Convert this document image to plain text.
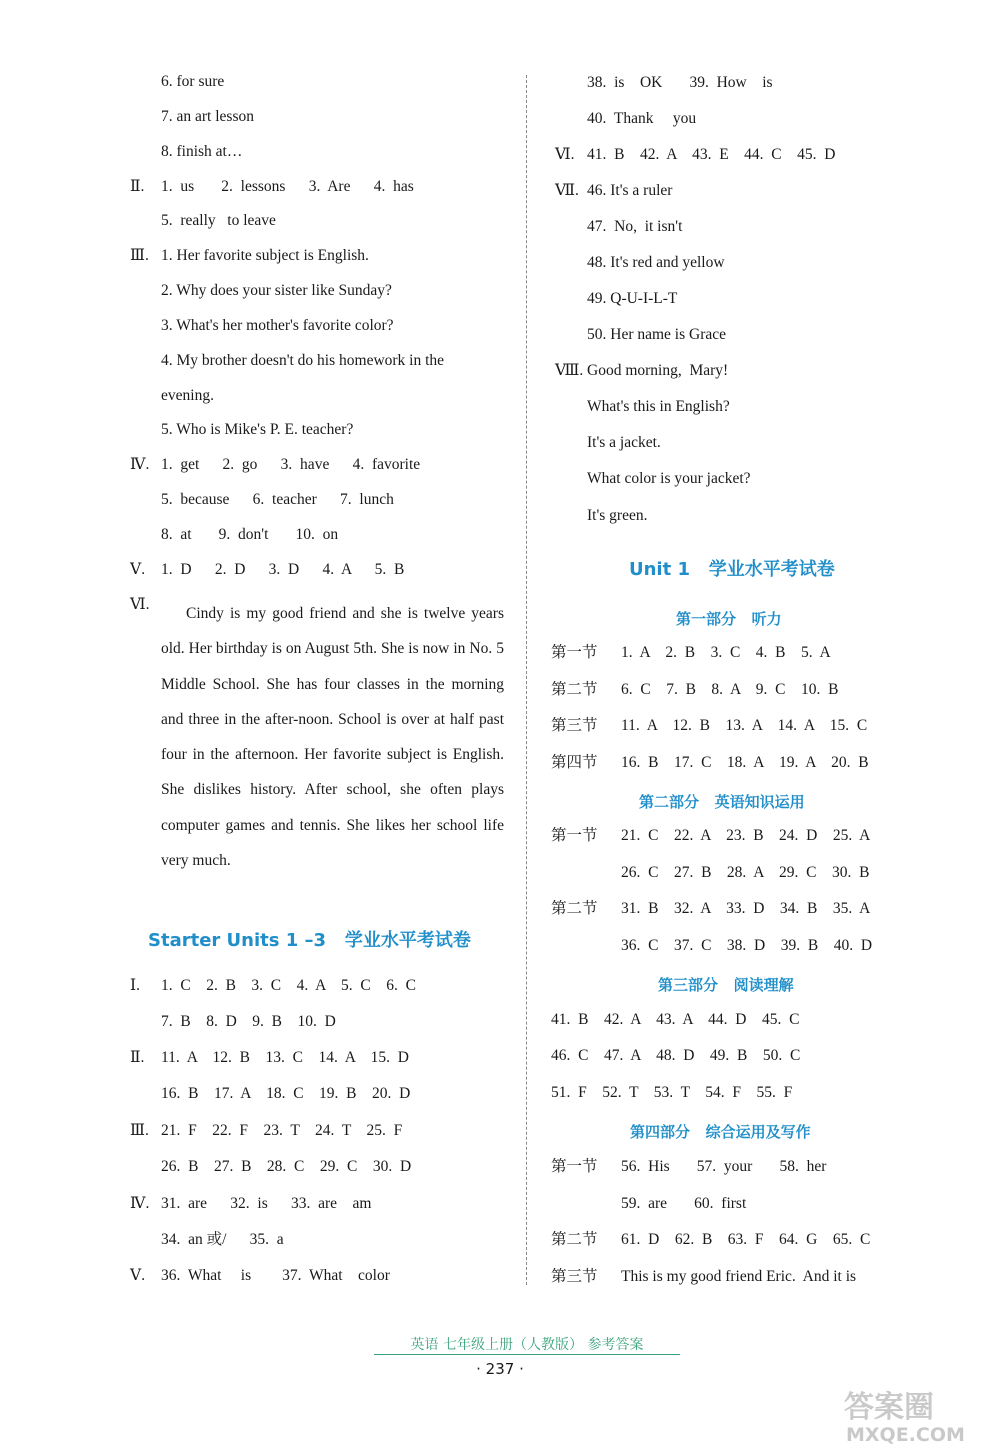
6. for sure
7. an art lesson
8. finish at…
Ⅱ. 1.  us       2.  lessons      3.  Are      4.  has
5.  really   to leave
Ⅲ. 1. Her favorite subject is English.
2. Why does your sister like Sunday?
3. What's her mother's favorite color?
4. My brother doesn't do his homework in the
evening.
5. Who is Mike's P. E. teacher?
Ⅳ. 1.  get      2.  go      3.  have      4.  favorite
5.  because      6.  teacher      7.  lunch
8.  at       9.  don't       10.  on
Ⅴ. 1.  D      2.  D      3.  D      4.  A      5.  B
Ⅵ.
Cindy is my good friend and she is twelve years old. Her birthday is on August 5th. She is now in No. 5 Middle School. She has four classes in the morning and three in the after-noon. School is over at half past four in the afternoon. Her favorite subject is English. She dislikes history. After school, she often plays computer games and tennis. She likes her school life very much.
Starter Units 1 –3   学业水平考试卷
Ⅰ. 1.  C    2.  B    3.  C    4.  A    5.  C    6.  C
7.  B    8.  D    9.  B    10.  D
Ⅱ. 11.  A    12.  B    13.  C    14.  A    15.  D
16.  B    17.  A    18.  C    19.  B    20.  D
Ⅲ. 21.  F    22.  F    23.  T    24.  T    25.  F
26.  B    27.  B    28.  C    29.  C    30.  D
Ⅳ. 31.  are      32.  is      33.  are    am
34.  an 或/      35.  a
Ⅴ. 36.  What     is        37.  What    color
38.  is    OK       39.  How    is
40.  Thank     you
Ⅵ. 41.  B    42.  A    43.  E    44.  C    45.  D
Ⅶ. 46. It's a ruler
47.  No,  it isn't
48. It's red and yellow
49. Q-U-I-L-T
50. Her name is Grace
Ⅷ. Good morning,  Mary!
What's this in English?
It's a jacket.
What color is your jacket?
It's green.
Unit 1   学业水平考试卷
第一部分   听力
第一节 1.  A    2.  B    3.  C    4.  B    5.  A
第二节 6.  C    7.  B    8.  A    9.  C    10.  B
第三节 11.  A    12.  B    13.  A    14.  A    15.  C
第四节 16.  B    17.  C    18.  A    19.  A    20.  B
第二部分   英语知识运用
第一节 21.  C    22.  A    23.  B    24.  D    25.  A
26.  C    27.  B    28.  A    29.  C    30.  B
第二节 31.  B    32.  A    33.  D    34.  B    35.  A
36.  C    37.  C    38.  D    39.  B    40.  D
第三部分   阅读理解
41.  B    42.  A    43.  A    44.  D    45.  C
46.  C    47.  A    48.  D    49.  B    50.  C
51.  F    52.  T    53.  T    54.  F    55.  F
第四部分   综合运用及写作
第一节 56.  His       57.  your       58.  her
59.  are       60.  first
第二节 61.  D    62.  B    63.  F    64.  G    65.  C
第三节 This is my good friend Eric.  And it is
英语 七年级上册（人教版） 参考答案
· 237 ·
答案圈
MXQE.COM
